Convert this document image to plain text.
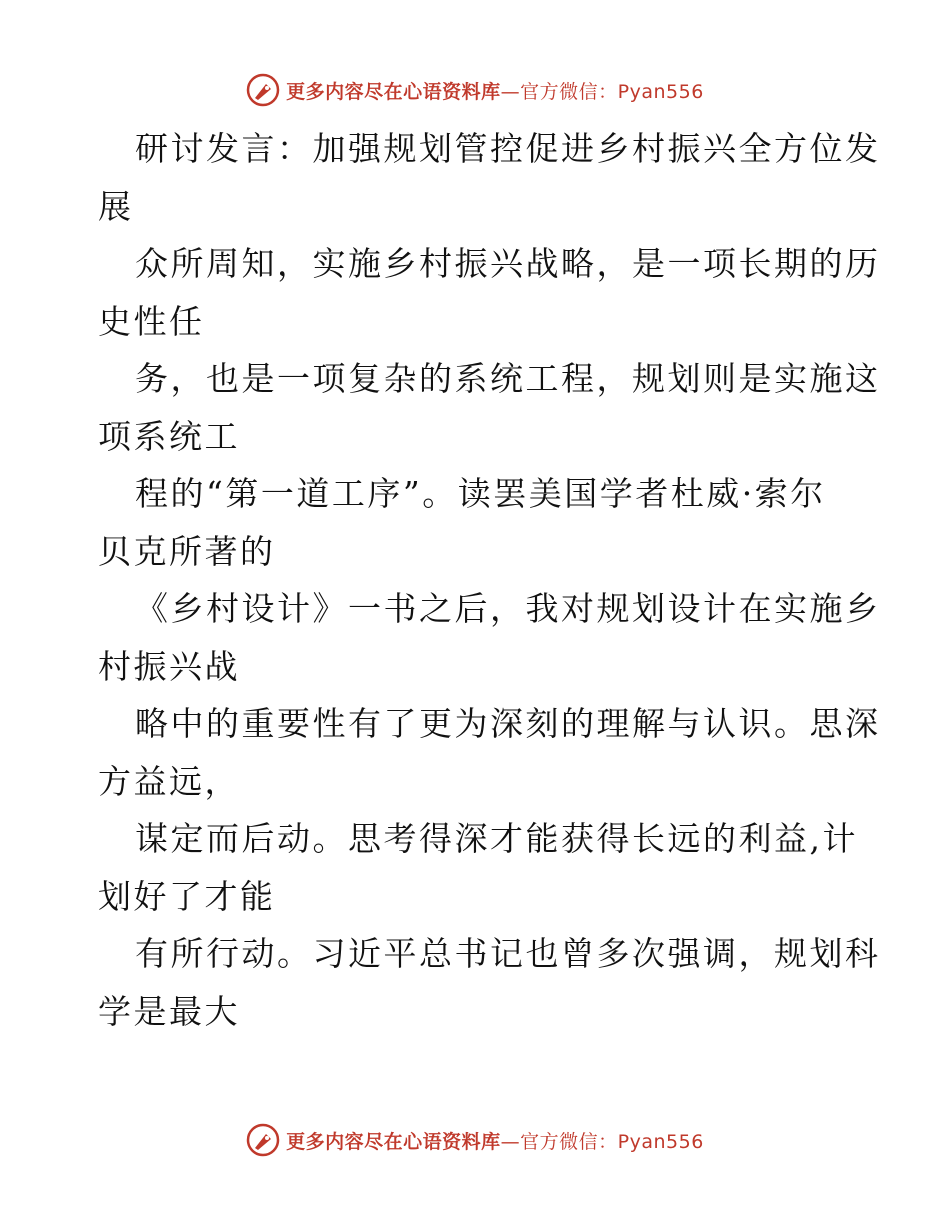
更多内容尽在心语资料库—官方微信：Pyan556
研讨发言：加强规划管控促进乡村振兴全方位发
展
众所周知，实施乡村振兴战略，是一项长期的历
史性任
务，也是一项复杂的系统工程，规划则是实施这
项系统工
程的“第一道工序”。读罢美国学者杜威·索尔
贝克所著的
《乡村设计》一书之后，我对规划设计在实施乡
村振兴战
略中的重要性有了更为深刻的理解与认识。思深
方益远，
谋定而后动。思考得深才能获得长远的利益,计
划好了才能
有所行动。习近平总书记也曾多次强调，规划科
学是最大
更多内容尽在心语资料库—官方微信：Pyan556
